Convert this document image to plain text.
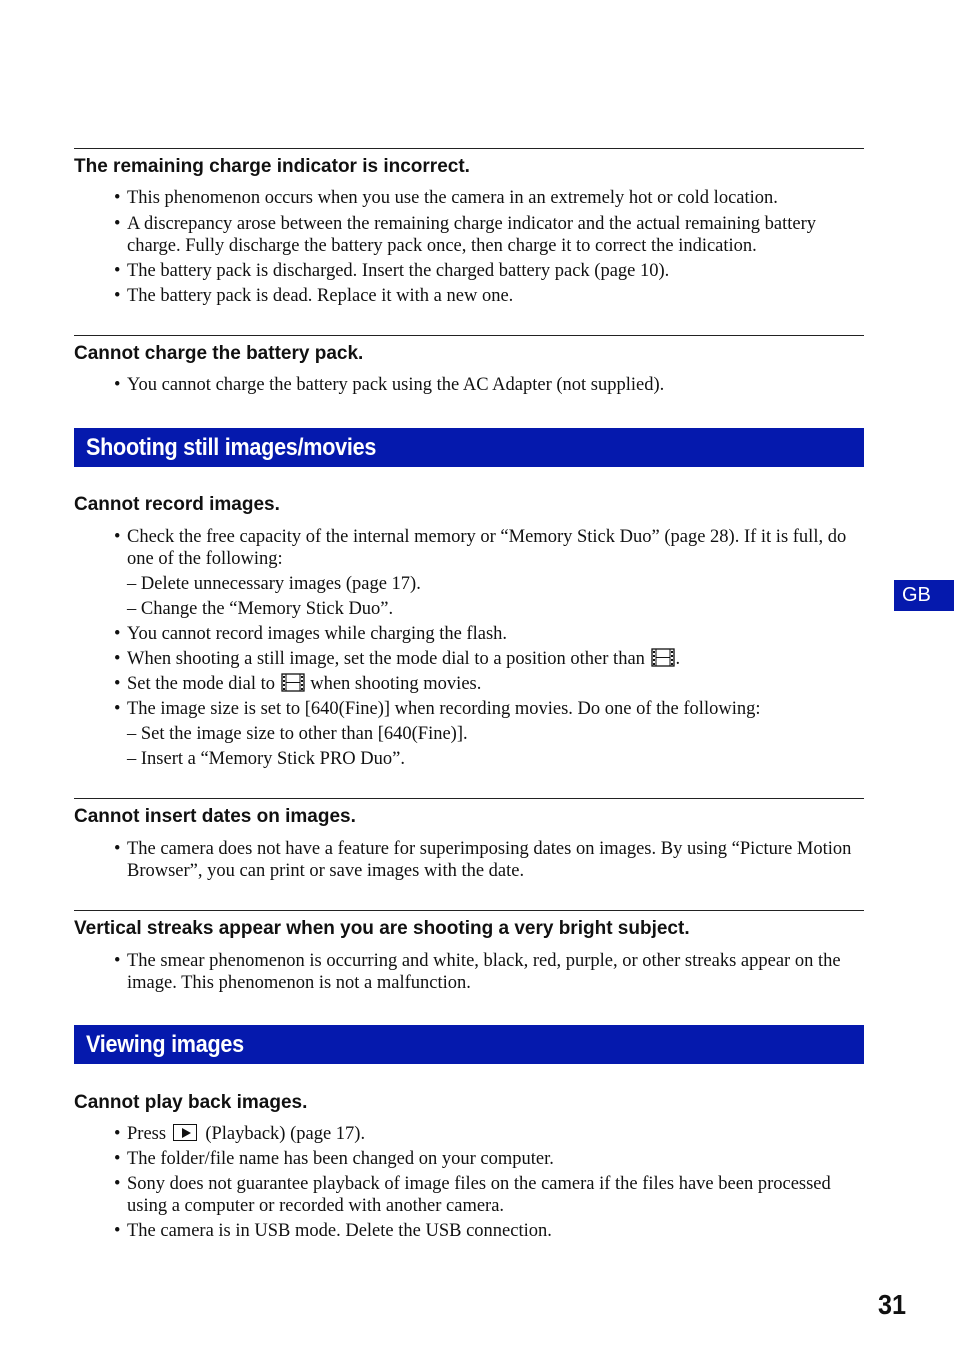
The remaining charge indicator is incorrect.
• This phenomenon occurs when you use the camera in an extremely hot or cold location.
• A discrepancy arose between the remaining charge indicator and the actual remaining battery charge. Fully discharge the battery pack once, then charge it to correct the indication.
• The battery pack is discharged. Insert the charged battery pack (page 10).
• The battery pack is dead. Replace it with a new one.
Cannot charge the battery pack.
• You cannot charge the battery pack using the AC Adapter (not supplied).
Shooting still images/movies
Cannot record images.
• Check the free capacity of the internal memory or “Memory Stick Duo” (page 28). If it is full, do one of the following:
– Delete unnecessary images (page 17).
– Change the “Memory Stick Duo”.
• You cannot record images while charging the flash.
• When shooting a still image, set the mode dial to a position other than .
• Set the mode dial to when shooting movies.
• The image size is set to [640(Fine)] when recording movies. Do one of the following:
– Set the image size to other than [640(Fine)].
– Insert a “Memory Stick PRO Duo”.
Cannot insert dates on images.
• The camera does not have a feature for superimposing dates on images. By using “Picture Motion Browser”, you can print or save images with the date.
Vertical streaks appear when you are shooting a very bright subject.
• The smear phenomenon is occurring and white, black, red, purple, or other streaks appear on the image. This phenomenon is not a malfunction.
Viewing images
Cannot play back images.
• Press (Playback) (page 17).
• The folder/file name has been changed on your computer.
• Sony does not guarantee playback of image files on the camera if the files have been processed using a computer or recorded with another camera.
• The camera is in USB mode. Delete the USB connection.
GB
31
